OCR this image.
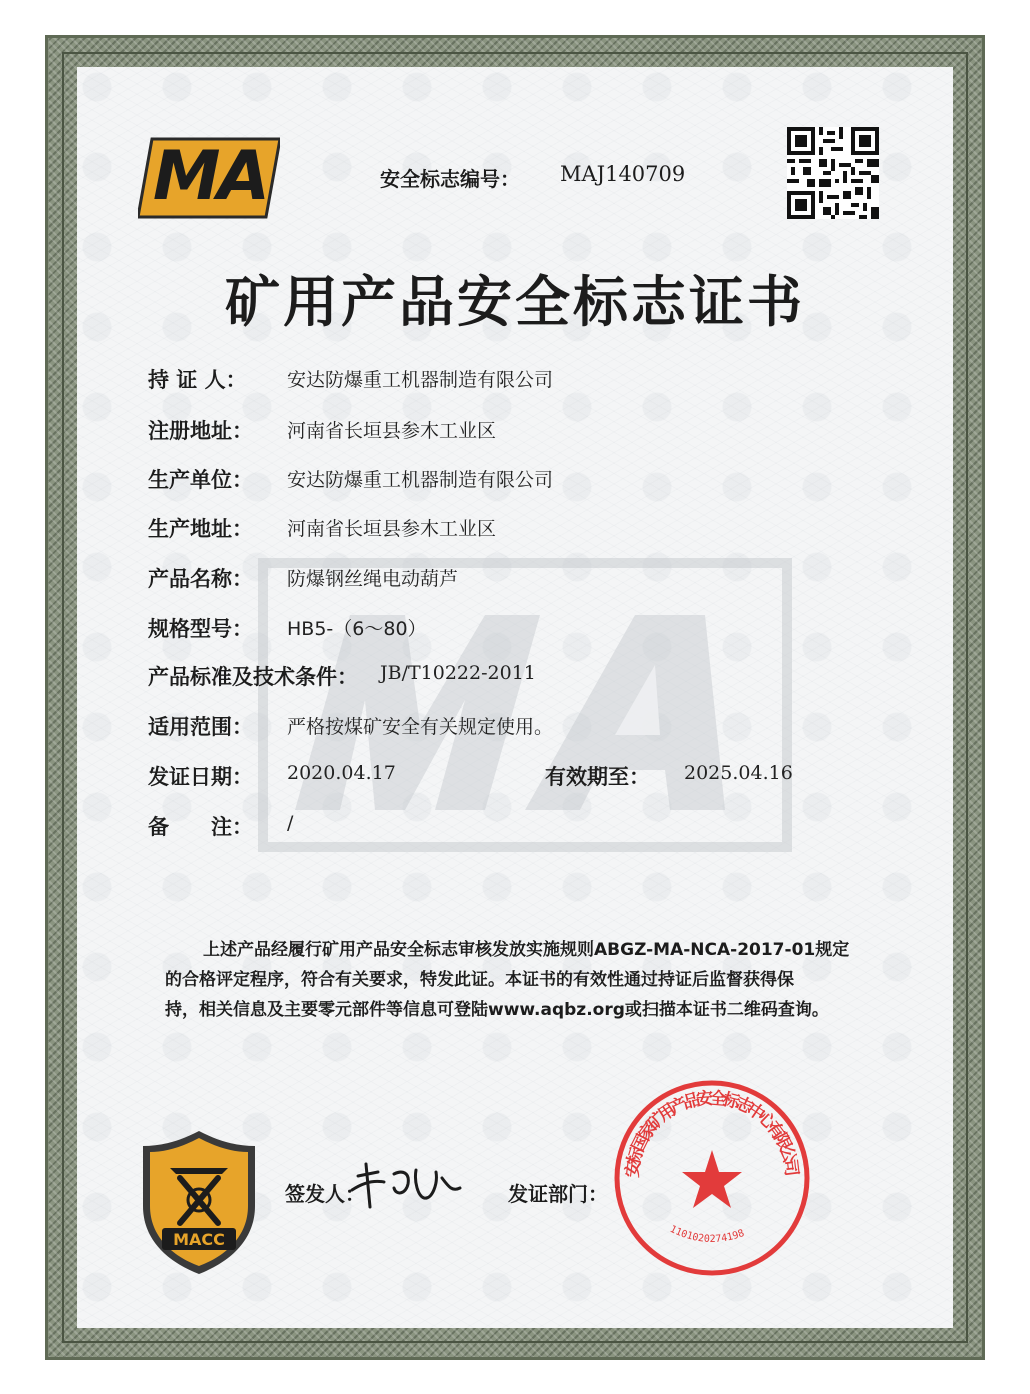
MA	安全标志编号： MAJ140709
矿用产品安全标志证书
持 证 人： 安达防爆重工机器制造有限公司
注册地址： 河南省长垣县参木工业区
生产单位： 安达防爆重工机器制造有限公司
生产地址： 河南省长垣县参木工业区
产品名称： 防爆钢丝绳电动葫芦
规格型号： HB5-（6～80）
产品标准及技术条件： JB/T10222-2011
适用范围： 严格按煤矿安全有关规定使用。
发证日期： 2020.04.17	有效期至： 2025.04.16
备　　注： /
上述产品经履行矿用产品安全标志审核发放实施规则ABGZ-MA-NCA-2017-01规定
的合格评定程序，符合有关要求，特发此证。本证书的有效性通过持证后监督获得保
持，相关信息及主要零元部件等信息可登陆www.aqbz.org或扫描本证书二维码查询。
MACC
签发人：	发证部门：
安标国家矿用产品安全标志中心有限公司
1101020274198
